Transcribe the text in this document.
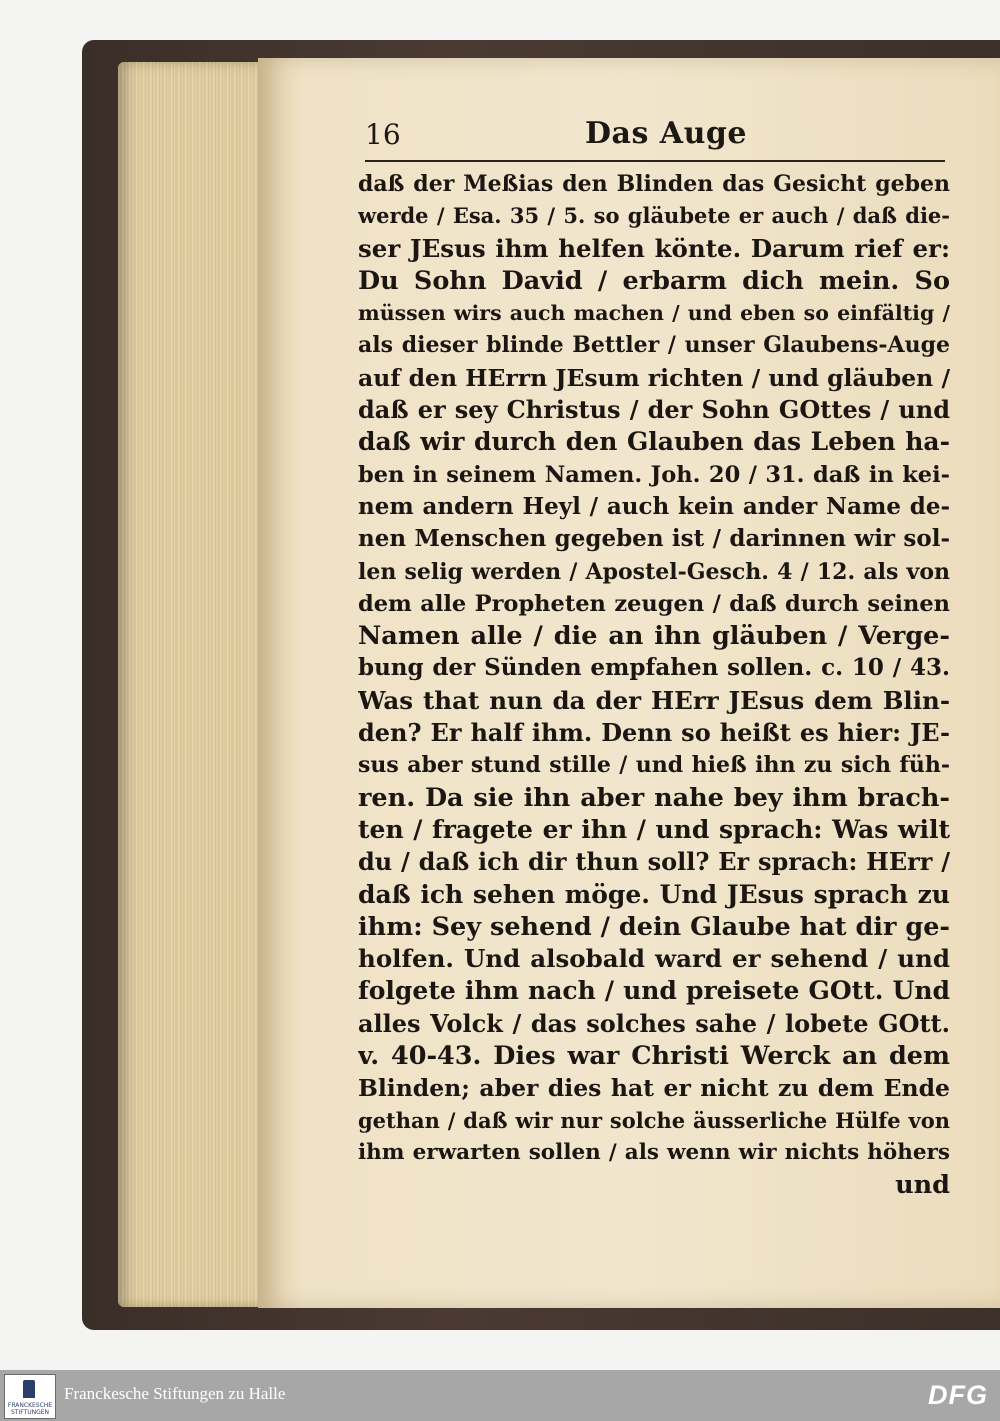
16	Das Auge
daß der Meßias den Blinden das Gesicht geben
werde / Esa. 35 / 5. so gläubete er auch / daß die-
ser JEsus ihm helfen könte. Darum rief er:
Du Sohn David / erbarm dich mein. So
müssen wirs auch machen / und eben so einfältig /
als dieser blinde Bettler / unser Glaubens-Auge
auf den HErrn JEsum richten / und gläuben /
daß er sey Christus / der Sohn GOttes / und
daß wir durch den Glauben das Leben ha-
ben in seinem Namen. Joh. 20 / 31. daß in kei-
nem andern Heyl / auch kein ander Name de-
nen Menschen gegeben ist / darinnen wir sol-
len selig werden / Apostel-Gesch. 4 / 12. als von
dem alle Propheten zeugen / daß durch seinen
Namen alle / die an ihn gläuben / Verge-
bung der Sünden empfahen sollen. c. 10 / 43.
Was that nun da der HErr JEsus dem Blin-
den? Er half ihm. Denn so heißt es hier: JE-
sus aber stund stille / und hieß ihn zu sich füh-
ren. Da sie ihn aber nahe bey ihm brach-
ten / fragete er ihn / und sprach: Was wilt
du / daß ich dir thun soll? Er sprach: HErr /
daß ich sehen möge. Und JEsus sprach zu
ihm: Sey sehend / dein Glaube hat dir ge-
holfen. Und alsobald ward er sehend / und
folgete ihm nach / und preisete GOtt. Und
alles Volck / das solches sahe / lobete GOtt.
v. 40-43. Dies war Christi Werck an dem
Blinden; aber dies hat er nicht zu dem Ende
gethan / daß wir nur solche äusserliche Hülfe von
ihm erwarten sollen / als wenn wir nichts höhers
und
FRANCKESCHE STIFTUNGEN
Franckesche Stiftungen zu Halle	DFG
